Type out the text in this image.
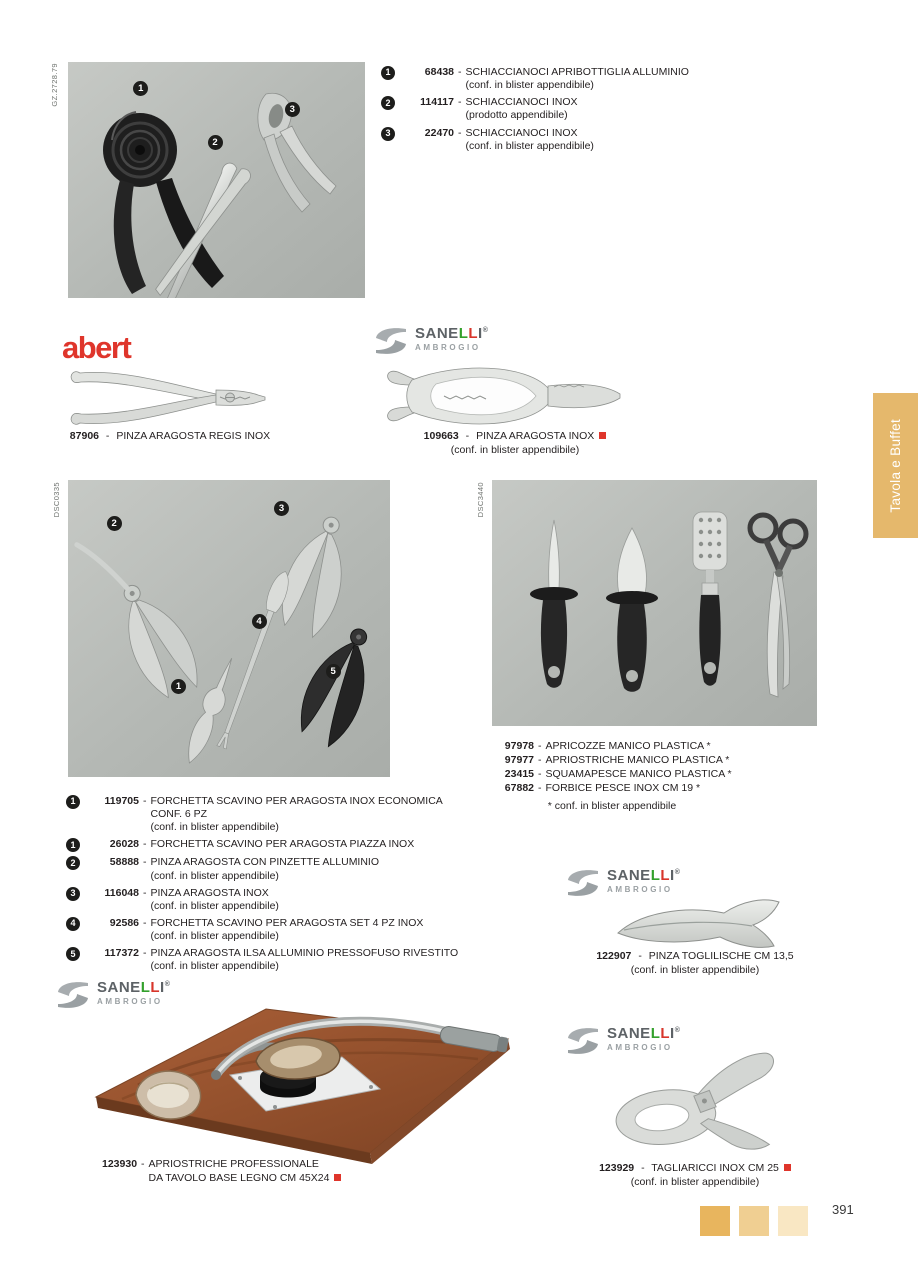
GZ.2728.79	1
2
3
1	68438 - SCHIACCIANOCI APRIBOTTIGLIA ALLUMINIO
(conf. in blister appendibile)
2	114117 - SCHIACCIANOCI INOX
(prodotto appendibile)
3	22470 - SCHIACCIANOCI INOX
(conf. in blister appendibile)
abert
87906 - PINZA ARAGOSTA REGIS INOX
SANELLI®
AMBROGIO
109663 - PINZA ARAGOSTA INOX
(conf. in blister appendibile)	Tavola e Buffet
DSC0335
2
3
4
1
5
DSC3440
97978 - APRICOZZE MANICO PLASTICA *
97977 - APRIOSTRICHE MANICO PLASTICA *
23415 - SQUAMAPESCE MANICO PLASTICA *
67882 - FORBICE PESCE INOX CM 19 *
* conf. in blister appendibile
1	119705 - FORCHETTA SCAVINO PER ARAGOSTA INOX ECONOMICA CONF. 6 PZ
(conf. in blister appendibile)
1	26028 - FORCHETTA SCAVINO PER ARAGOSTA PIAZZA INOX
2	58888 - PINZA ARAGOSTA CON PINZETTE ALLUMINIO
(conf. in blister appendibile)
3	116048 - PINZA ARAGOSTA INOX
(conf. in blister appendibile)
4	92586 - FORCHETTA SCAVINO PER ARAGOSTA SET 4 PZ INOX
(conf. in blister appendibile)
5	117372 - PINZA ARAGOSTA ILSA ALLUMINIO PRESSOFUSO RIVESTITO
(conf. in blister appendibile)
SANELLI®
AMBROGIO
122907 - PINZA TOGLILISCHE CM 13,5
(conf. in blister appendibile)
SANELLI®
AMBROGIO
123930 - APRIOSTRICHE PROFESSIONALE
DA TAVOLO BASE LEGNO CM 45X24
SANELLI®
AMBROGIO
123929 - TAGLIARICCI INOX CM 25
(conf. in blister appendibile)
391
